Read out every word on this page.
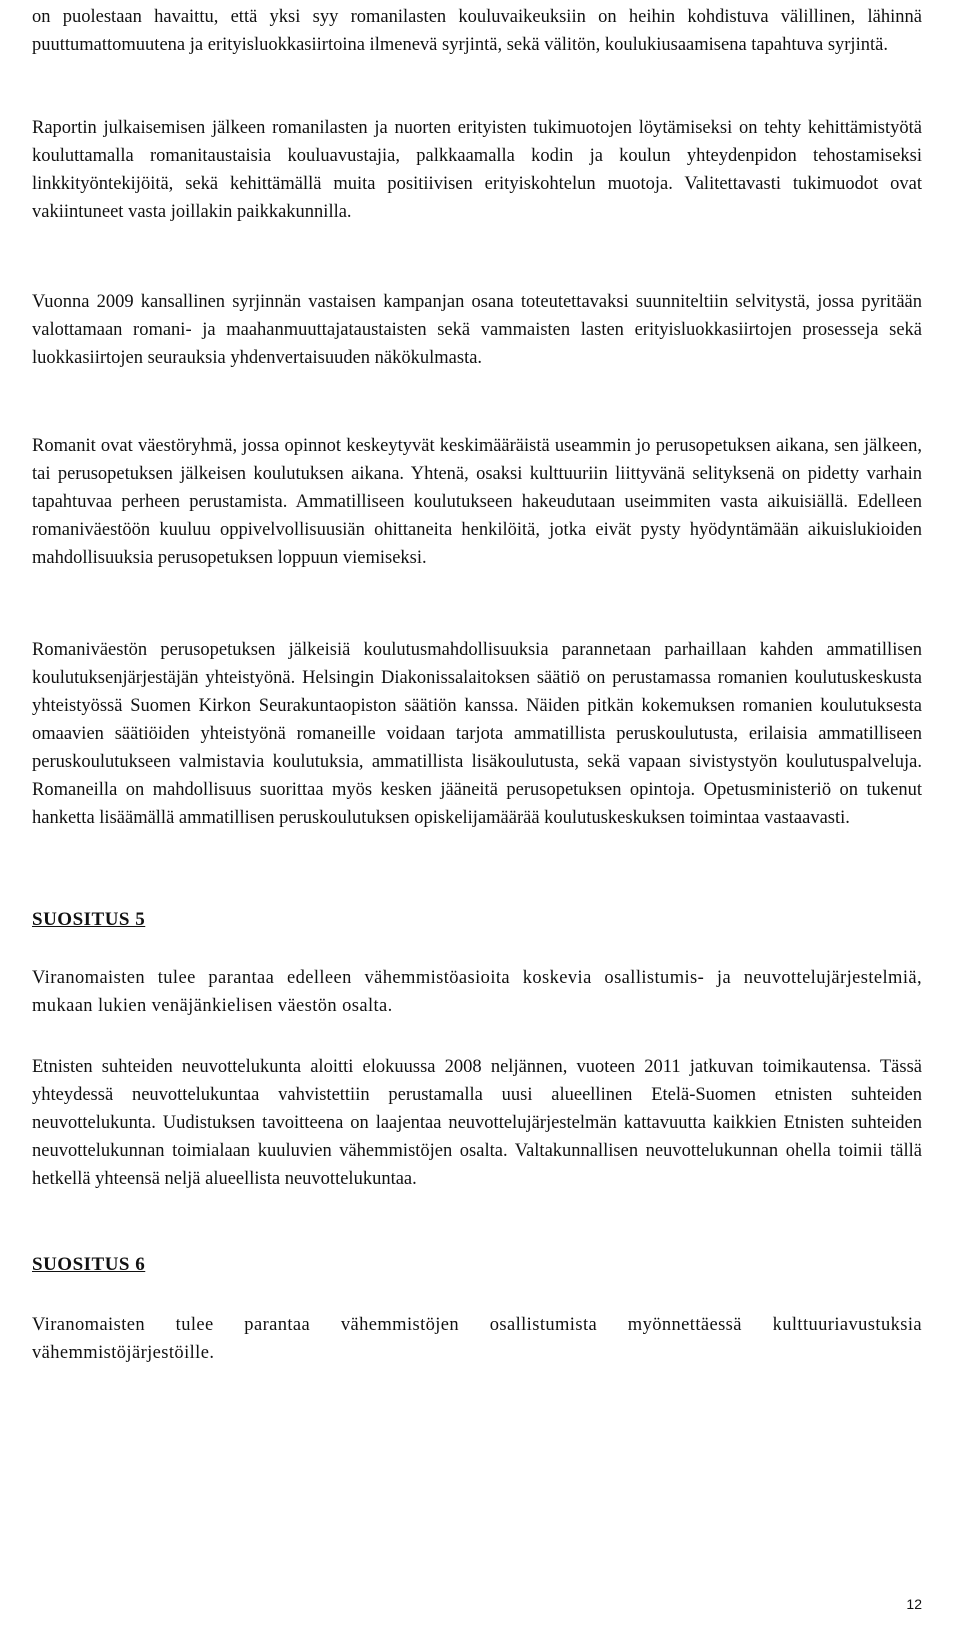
on puolestaan havaittu, että yksi syy romanilasten kouluvaikeuksiin on heihin kohdistuva välillinen, lähinnä puuttumattomuutena ja erityisluokkasiirtoina ilmenevä syrjintä, sekä välitön, koulukiusaamisena tapahtuva syrjintä.

Raportin julkaisemisen jälkeen romanilasten ja nuorten erityisten tukimuotojen löytämiseksi on tehty kehittämistyötä kouluttamalla romanitaustaisia kouluavustajia, palkkaamalla kodin ja koulun yhteydenpidon tehostamiseksi linkkityöntekijöitä, sekä kehittämällä muita positiivisen erityiskohtelun muotoja. Valitettavasti tukimuodot ovat vakiintuneet vasta joillakin paikkakunnilla.

Vuonna 2009 kansallinen syrjinnän vastaisen kampanjan osana toteutettavaksi suunniteltiin selvitystä, jossa pyritään valottamaan romani- ja maahanmuuttajataustaisten sekä vammaisten lasten erityisluokkasiirtojen prosesseja sekä luokkasiirtojen seurauksia yhdenvertaisuuden näkökulmasta.

Romanit ovat väestöryhmä, jossa opinnot keskeytyvät keskimääräistä useammin jo perusopetuksen aikana, sen jälkeen, tai perusopetuksen jälkeisen koulutuksen aikana. Yhtenä, osaksi kulttuuriin liittyvänä selityksenä on pidetty varhain tapahtuvaa perheen perustamista. Ammatilliseen koulutukseen hakeudutaan useimmiten vasta aikuisiällä. Edelleen romaniväestöön kuuluu oppivelvollisuusiän ohittaneita henkilöitä, jotka eivät pysty hyödyntämään aikuislukioiden mahdollisuuksia perusopetuksen loppuun viemiseksi.

Romaniväestön perusopetuksen jälkeisiä koulutusmahdollisuuksia parannetaan parhaillaan kahden ammatillisen koulutuksenjärjestäjän yhteistyönä. Helsingin Diakonissalaitoksen säätiö on perustamassa romanien koulutuskeskusta yhteistyössä Suomen Kirkon Seurakuntaopiston säätiön kanssa. Näiden pitkän kokemuksen romanien koulutuksesta omaavien säätiöiden yhteistyönä romaneille voidaan tarjota ammatillista peruskoulutusta, erilaisia ammatilliseen peruskoulutukseen valmistavia koulutuksia, ammatillista lisäkoulutusta, sekä vapaan sivistystyön koulutuspalveluja. Romaneilla on mahdollisuus suorittaa myös kesken jääneitä perusopetuksen opintoja. Opetusministeriö on tukenut hanketta lisäämällä ammatillisen peruskoulutuksen opiskelijamäärää koulutuskeskuksen toimintaa vastaavasti.

SUOSITUS 5

Viranomaisten tulee parantaa edelleen vähemmistöasioita koskevia osallistumis- ja neuvottelujärjestelmiä, mukaan lukien venäjänkielisen väestön osalta.

Etnisten suhteiden neuvottelukunta aloitti elokuussa 2008 neljännen, vuoteen 2011 jatkuvan toimikautensa. Tässä yhteydessä neuvottelukuntaa vahvistettiin perustamalla uusi alueellinen Etelä-Suomen etnisten suhteiden neuvottelukunta. Uudistuksen tavoitteena on laajentaa neuvottelujärjestelmän kattavuutta kaikkien Etnisten suhteiden neuvottelukunnan toimialaan kuuluvien vähemmistöjen osalta. Valtakunnallisen neuvottelukunnan ohella toimii tällä hetkellä yhteensä neljä alueellista neuvottelukuntaa.

SUOSITUS 6

Viranomaisten tulee parantaa vähemmistöjen osallistumista myönnettäessä kulttuuriavustuksia vähemmistöjärjestöille.

12
